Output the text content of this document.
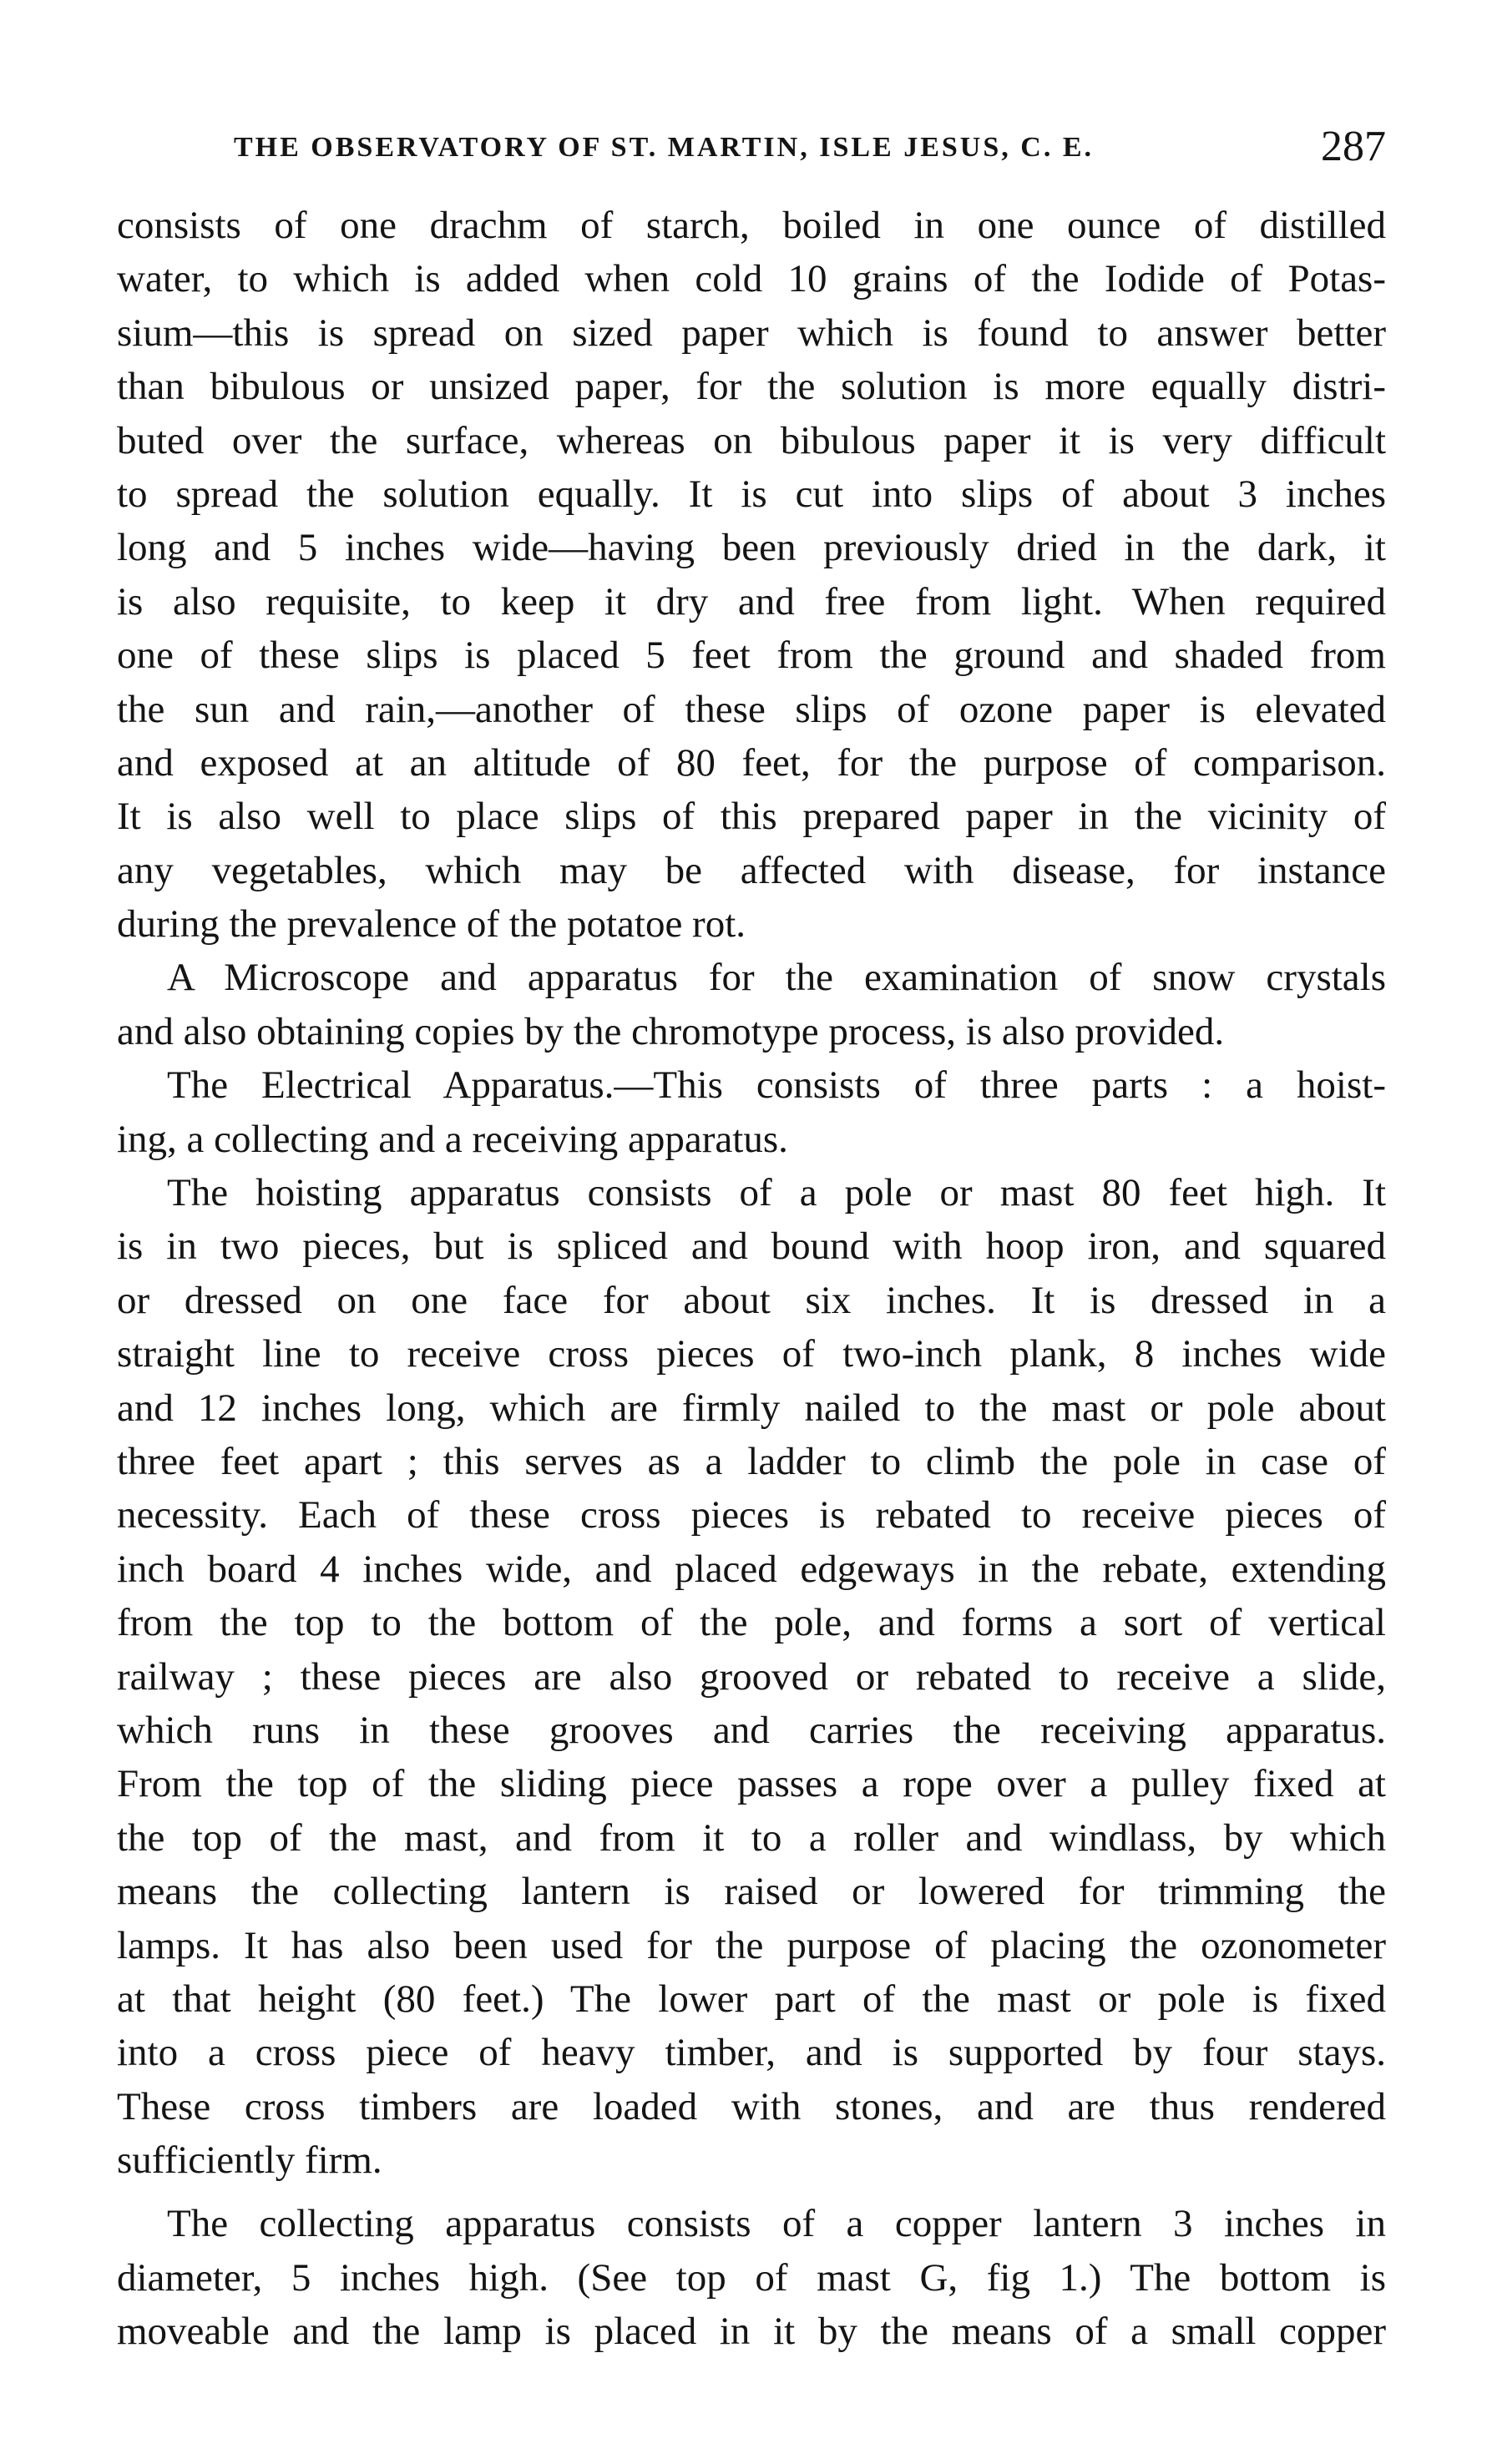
THE OBSERVATORY OF ST. MARTIN, ISLE JESUS, C. E.	287
consists of one drachm of starch, boiled in one ounce of distilled
water, to which is added when cold 10 grains of the Iodide of Potas-
sium—this is spread on sized paper which is found to answer better
than bibulous or unsized paper, for the solution is more equally distri-
buted over the surface, whereas on bibulous paper it is very difficult
to spread the solution equally. It is cut into slips of about 3 inches
long and 5 inches wide—having been previously dried in the dark, it
is also requisite, to keep it dry and free from light. When required
one of these slips is placed 5 feet from the ground and shaded from
the sun and rain,—another of these slips of ozone paper is elevated
and exposed at an altitude of 80 feet, for the purpose of comparison.
It is also well to place slips of this prepared paper in the vicinity of
any vegetables, which may be affected with disease, for instance
during the prevalence of the potatoe rot.
A Microscope and apparatus for the examination of snow crystals
and also obtaining copies by the chromotype process, is also provided.
The Electrical Apparatus.—This consists of three parts : a hoist-
ing, a collecting and a receiving apparatus.
The hoisting apparatus consists of a pole or mast 80 feet high. It
is in two pieces, but is spliced and bound with hoop iron, and squared
or dressed on one face for about six inches. It is dressed in a
straight line to receive cross pieces of two-inch plank, 8 inches wide
and 12 inches long, which are firmly nailed to the mast or pole about
three feet apart ; this serves as a ladder to climb the pole in case of
necessity. Each of these cross pieces is rebated to receive pieces of
inch board 4 inches wide, and placed edgeways in the rebate, extending
from the top to the bottom of the pole, and forms a sort of vertical
railway ; these pieces are also grooved or rebated to receive a slide,
which runs in these grooves and carries the receiving apparatus.
From the top of the sliding piece passes a rope over a pulley fixed at
the top of the mast, and from it to a roller and windlass, by which
means the collecting lantern is raised or lowered for trimming the
lamps. It has also been used for the purpose of placing the ozonometer
at that height (80 feet.) The lower part of the mast or pole is fixed
into a cross piece of heavy timber, and is supported by four stays.
These cross timbers are loaded with stones, and are thus rendered
sufficiently firm.
The collecting apparatus consists of a copper lantern 3 inches in
diameter, 5 inches high. (See top of mast G, fig 1.) The bottom is
moveable and the lamp is placed in it by the means of a small copper
